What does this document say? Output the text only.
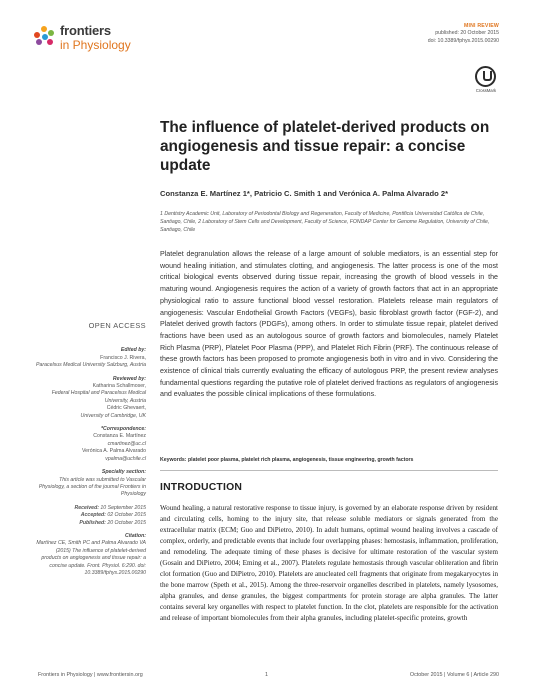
frontiers
in Physiology
MINI REVIEW
published: 20 October 2015
doi: 10.3389/fphys.2015.00290
CrossMark
The influence of platelet-derived products on angiogenesis and tissue repair: a concise update
Constanza E. Martínez 1*, Patricio C. Smith 1 and Verónica A. Palma Alvarado 2*
1 Dentistry Academic Unit, Laboratory of Periodontal Biology and Regeneration, Faculty of Medicine, Pontificia Universidad Católica de Chile, Santiago, Chile, 2 Laboratory of Stem Cells and Development, Faculty of Science, FONDAP Center for Genome Regulation, University of Chile, Santiago, Chile
Platelet degranulation allows the release of a large amount of soluble mediators, is an essential step for wound healing initiation, and stimulates clotting, and angiogenesis. The latter process is one of the most critical biological events observed during tissue repair, increasing the growth of blood vessels in the maturing wound. Angiogenesis requires the action of a variety of growth factors that act in an appropriate physiological ratio to assure functional blood vessel restoration. Platelets release main regulators of angiogenesis: Vascular Endothelial Growth Factors (VEGFs), basic fibroblast growth factor (FGF-2), and Platelet derived growth factors (PDGFs), among others. In order to stimulate tissue repair, platelet derived fractions have been used as an autologous source of growth factors and biomolecules, namely Platelet Rich Plasma (PRP), Platelet Poor Plasma (PPP), and Platelet Rich Fibrin (PRF). The continuous release of these growth factors has been proposed to promote angiogenesis both in vitro and in vivo. Considering the existence of clinical trials currently evaluating the efficacy of autologous PRP, the present review analyses fundamental questions regarding the putative role of platelet derived fractions as regulators of angiogenesis and evaluates the possible clinical implications of these formulations.
Keywords: platelet poor plasma, platelet rich plasma, angiogenesis, tissue engineering, growth factors
INTRODUCTION
Wound healing, a natural restorative response to tissue injury, is governed by an elaborate response driven by resident and circulating cells, homing to the injury site, that release soluble mediators or signals generated from the extracellular matrix (ECM; Guo and DiPietro, 2010). In adult humans, optimal wound healing involves a cascade of complex, orderly, and predictable events that include four overlapping phases: hemostasis, inflammation, proliferation, and remodeling. The adequate timing of these phases is decisive for ultimate restoration of the vascular system (Gosain and DiPietro, 2004; Eming et al., 2007). Platelets regulate hemostasis through vascular obliteration and fibrin clot formation (Guo and DiPietro, 2010). Platelets are anucleated cell fragments that originate from megakaryocytes in the bone marrow (Speth et al., 2015). Among the three-reservoir organelles described in platelets, namely lysosomes, alpha granules, and dense granules, the biggest compartments for protein storage are alpha granules. The latter contains several key organelles with respect to platelet function. In the clot, platelets are responsible for the activation and release of important biomolecules from their alpha granules, including platelet-specific proteins, growth
OPEN ACCESS
Edited by:
Francisco J. Rivera,
Paracelsus Medical University Salzburg, Austria
Reviewed by:
Katharina Schallmoser,
Federal Hospital and Paracelsus Medical University, Austria
Cédric Ghevaert,
University of Cambridge, UK
*Correspondence:
Constanza E. Martínez
cmartinez@uc.cl
Verónica A. Palma Alvarado
vpalma@uchile.cl
Specialty section:
This article was submitted to Vascular Physiology, a section of the journal Frontiers in Physiology
Received: 10 September 2015
Accepted: 02 October 2015
Published: 20 October 2015
Citation:
Martínez CE, Smith PC and Palma Alvarado VA (2015) The influence of platelet-derived products on angiogenesis and tissue repair: a concise update. Front. Physiol. 6:290. doi: 10.3389/fphys.2015.00290
Frontiers in Physiology | www.frontiersin.org	1	October 2015 | Volume 6 | Article 290
